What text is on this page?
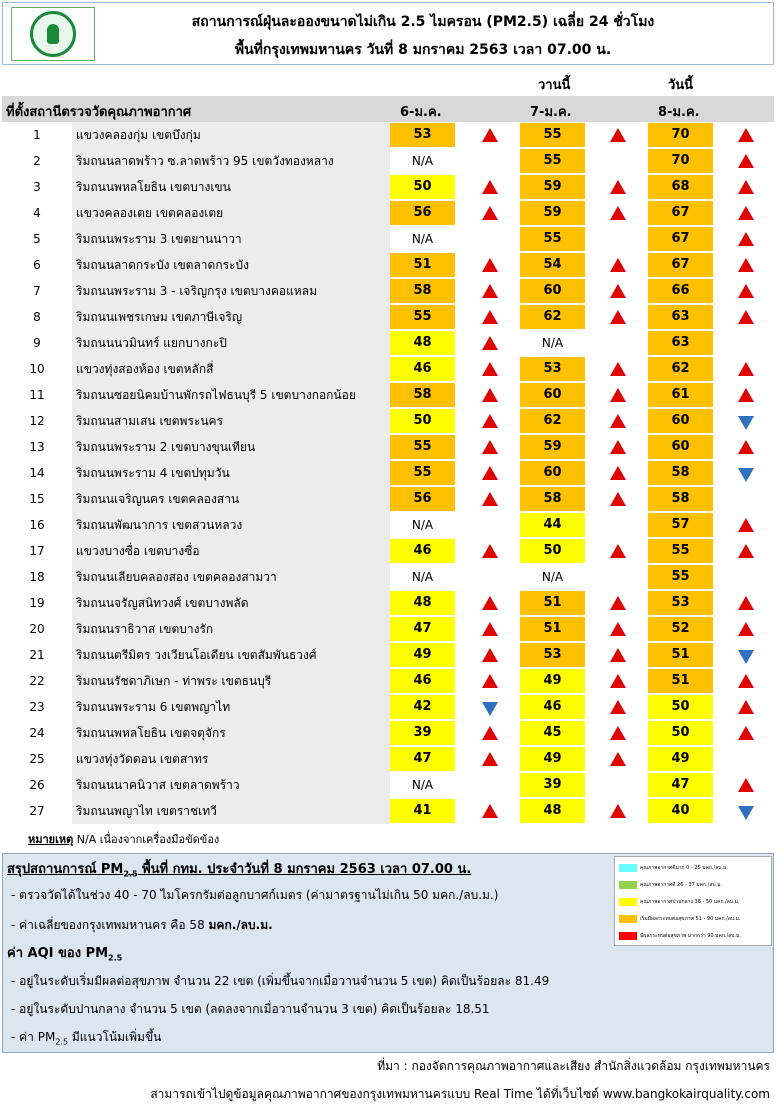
สถานการณ์ฝุ่นละอองขนาดไม่เกิน 2.5 ไมครอน (PM2.5) เฉลี่ย 24 ชั่วโมง
พื้นที่กรุงเทพมหานคร วันที่ 8 มกราคม 2563 เวลา 07.00 น.
วานนี้	วันนี้
ที่ตั้งสถานีตรวจวัดคุณภาพอากาศ	6-ม.ค.	7-ม.ค.	8-ม.ค.
1	แขวงคลองกุ่ม เขตบึงกุ่ม	53	55	70
2	ริมถนนลาดพร้าว ซ.ลาดพร้าว 95 เขตวังทองหลาง	N/A	55	70
3	ริมถนนพหลโยธิน เขตบางเขน	50	59	68
4	แขวงคลองเตย เขตคลองเตย	56	59	67
5	ริมถนนพระราม 3 เขตยานนาวา	N/A	55	67
6	ริมถนนลาดกระบัง เขตลาดกระบัง	51	54	67
7	ริมถนนพระราม 3 - เจริญกรุง เขตบางคอแหลม	58	60	66
8	ริมถนนเพชรเกษม เขตภาษีเจริญ	55	62	63
9	ริมถนนนวมินทร์ แยกบางกะปิ	48	N/A	63
10	แขวงทุ่งสองห้อง เขตหลักสี่	46	53	62
11	ริมถนนซอยนิคมบ้านพักรถไฟธนบุรี 5 เขตบางกอกน้อย	58	60	61
12	ริมถนนสามเสน เขตพระนคร	50	62	60
13	ริมถนนพระราม 2 เขตบางขุนเทียน	55	59	60
14	ริมถนนพระราม 4 เขตปทุมวัน	55	60	58
15	ริมถนนเจริญนคร เขตคลองสาน	56	58	58
16	ริมถนนพัฒนาการ เขตสวนหลวง	N/A	44	57
17	แขวงบางซื่อ เขตบางซื่อ	46	50	55
18	ริมถนนเลียบคลองสอง เขตคลองสามวา	N/A	N/A	55
19	ริมถนนจรัญสนิทวงศ์ เขตบางพลัด	48	51	53
20	ริมถนนราธิวาส เขตบางรัก	47	51	52
21	ริมถนนตรีมิตร วงเวียนโอเดียน เขตสัมพันธวงศ์	49	53	51
22	ริมถนนรัชดาภิเษก - ท่าพระ เขตธนบุรี	46	49	51
23	ริมถนนพระราม 6 เขตพญาไท	42	46	50
24	ริมถนนพหลโยธิน เขตจตุจักร	39	45	50
25	แขวงทุ่งวัดดอน เขตสาทร	47	49	49
26	ริมถนนนาคนิวาส เขตลาดพร้าว	N/A	39	47
27	ริมถนนพญาไท เขตราชเทวี	41	48	40
หมายเหตุ N/A เนื่องจากเครื่องมือขัดข้อง
สรุปสถานการณ์ $PM_{2.5}$ พื้นที่ กทม. ประจำวันที่ 8 มกราคม 2563 เวลา 07.00 น.
- ตรวจวัดได้ในช่วง 40 - 70 ไมโครกรัมต่อลูกบาศก์เมตร (ค่ามาตรฐานไม่เกิน 50 มคก./ลบ.ม.)
- ค่าเฉลี่ยของกรุงเทพมหานคร คือ 58 มคก./ลบ.ม.
ค่า AQI ของ $PM_{2.5}$
- อยู่ในระดับเริ่มมีผลต่อสุขภาพ จำนวน 22 เขต (เพิ่มขึ้นจากเมื่อวานจำนวน 5 เขต) คิดเป็นร้อยละ 81.49
- อยู่ในระดับปานกลาง จำนวน 5 เขต (ลดลงจากเมื่อวานจำนวน 3 เขต) คิดเป็นร้อยละ 18.51
- ค่า $PM_{2.5}$ มีแนวโน้มเพิ่มขึ้น
คุณภาพอากาศดีมาก 0 - 25 มคก./ลบ.ม.
คุณภาพอากาศดี 26 - 37 มคก./ลบ.ม.
คุณภาพอากาศปานกลาง 38 - 50 มคก./ลบ.ม.
เริ่มมีผลกระทบต่อสุขภาพ 51 - 90 มคก./ลบ.ม.
มีผลกระทบต่อสุขภาพ มากกว่า 90 มคก./ลบ.ม.
ที่มา : กองจัดการคุณภาพอากาศและเสียง สำนักสิ่งแวดล้อม กรุงเทพมหานคร
สามารถเข้าไปดูข้อมูลคุณภาพอากาศของกรุงเทพมหานครแบบ Real Time ได้ที่เว็บไซต์ www.bangkokairquality.com
